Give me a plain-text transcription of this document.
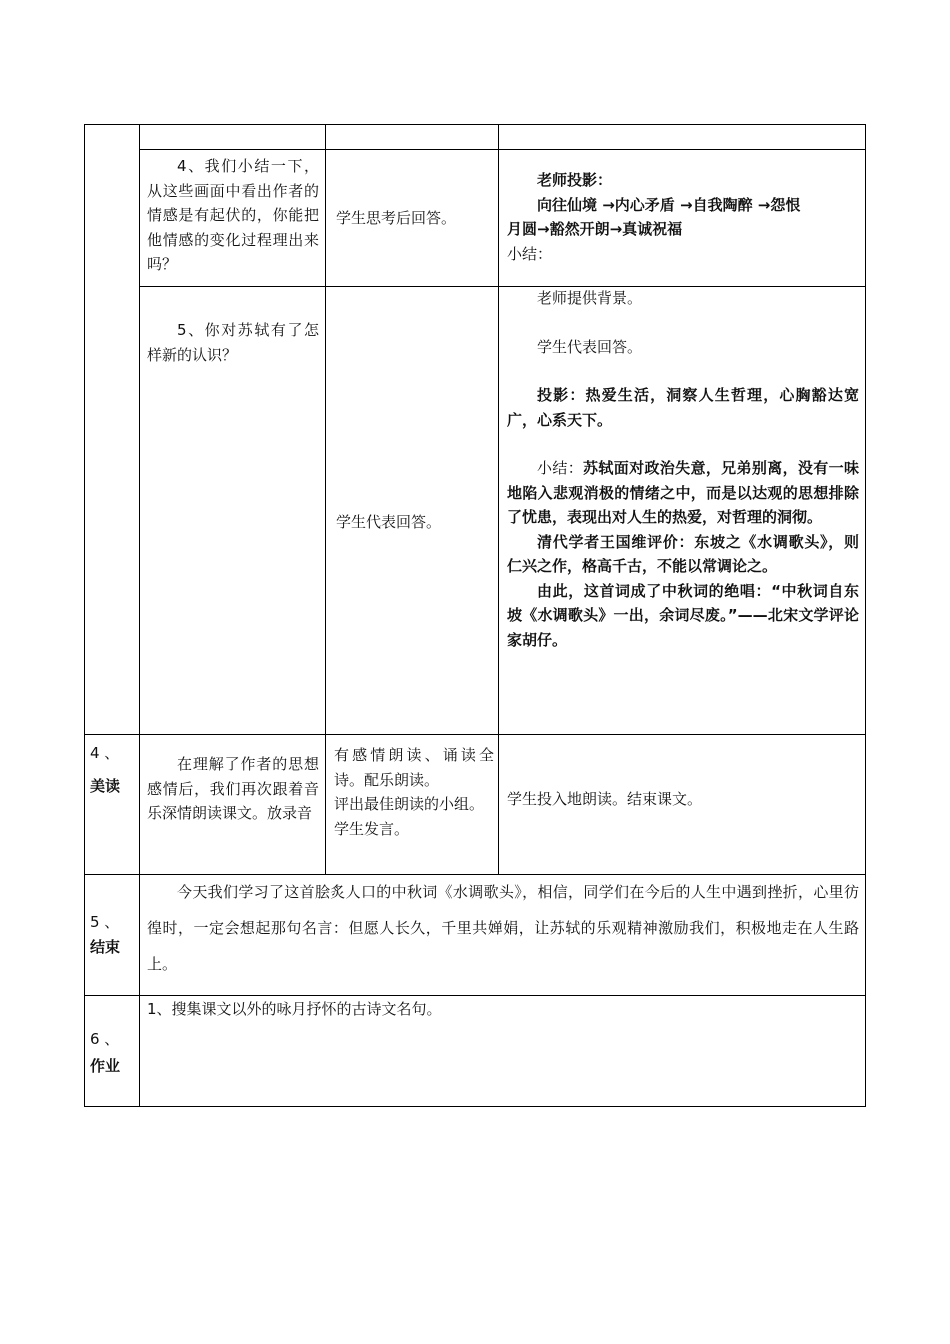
4、我们小结一下，从这些画面中看出作者的情感是有起伏的，你能把他情感的变化过程理出来吗？

学生思考后回答。

老师投影：

向往仙境 →内心矛盾 →自我陶醉 →怨恨

月圆→豁然开朗→真诚祝福

小结：

5、你对苏轼有了怎样新的认识？

学生代表回答。

老师提供背景。

学生代表回答。

投影：热爱生活，洞察人生哲理，心胸豁达宽广，心系天下。

小结：苏轼面对政治失意，兄弟别离，没有一味地陷入悲观消极的情绪之中，而是以达观的思想排除了忧患，表现出对人生的热爱，对哲理的洞彻。

清代学者王国维评价：东坡之《水调歌头》，则仁兴之作，格高千古，不能以常调论之。

由此，这首词成了中秋词的绝唱：“中秋词自东坡《水调歌头》一出，余词尽废。”——北宋文学评论家胡仔。

4 、

美读

在理解了作者的思想感情后，我们再次跟着音乐深情朗读课文。放录音

有感情朗读、诵读全诗。配乐朗读。

评出最佳朗读的小组。

学生发言。

学生投入地朗读。结束课文。

5 、

结束

今天我们学习了这首脍炙人口的中秋词《水调歌头》，相信，同学们在今后的人生中遇到挫折，心里彷徨时，一定会想起那句名言：但愿人长久，千里共婵娟，让苏轼的乐观精神激励我们，积极地走在人生路上。

6 、

作业

1、搜集课文以外的咏月抒怀的古诗文名句。
